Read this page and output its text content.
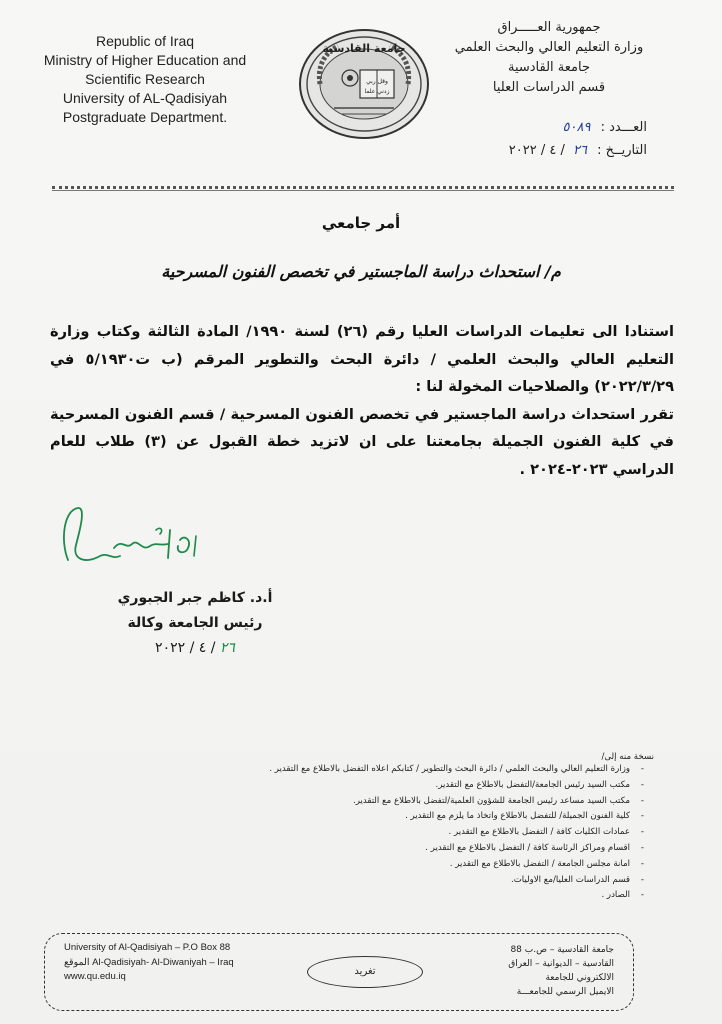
Republic of Iraq
Ministry of Higher Education and
Scientific Research
University of AL-Qadisiyah
Postgraduate Department.
جامعة القادسية
وقل ربي
زدني علما
جمهورية العـــــراق
وزارة التعليم العالي والبحث العلمي
جامعة القادسية
قسم الدراسات العليا
العـــدد : ٥٠٨٩
التاريــخ : ٢٦ / ٤ / ٢٠٢٢
أمر جامعي
م/ استحداث دراسة الماجستير في تخصص الفنون المسرحية

استنادا الى تعليمات الدراسات العليا رقم (٢٦) لسنة ١٩٩٠/ المادة الثالثة وكتاب وزارة التعليم العالي والبحث العلمي / دائرة البحث والتطوير المرقم (ب ت٥/١٩٣٠ في ٢٠٢٢/٣/٢٩) والصلاحيات المخولة لنا :

تقرر استحداث دراسة الماجستير في تخصص الفنون المسرحية / قسم الفنون المسرحية في كلية الفنون الجميلة بجامعتنا على ان لاتزيد خطة القبول عن (٣) طلاب للعام الدراسي ٢٠٢٣-٢٠٢٤ .

أ.د. كاظم جبر الجبوري
رئيس الجامعة وكالة
٢٦ / ٤ / ٢٠٢٢
نسخة منه إلى/
- وزارة التعليم العالي والبحث العلمي / دائرة البحث والتطوير / كتابكم اعلاه التفضل بالاطلاع مع التقدير .
- مكتب السيد رئيس الجامعة/التفضل بالاطلاع مع التقدير.
- مكتب السيد مساعد رئيس الجامعة للشؤون العلمية/لتفضل بالاطلاع مع التقدير.
- كلية الفنون الجميلة/ للتفضل بالاطلاع واتخاذ ما يلزم مع التقدير .
- عمادات الكليات كافة / التفضل بالاطلاع مع التقدير .
- اقسام ومراكز الرئاسة كافة / التفضل بالاطلاع مع التقدير .
- امانة مجلس الجامعة / التفضل بالاطلاع مع التقدير .
- قسم الدراسات العليا/مع الاوليات.
- الصادر .
University of Al-Qadisiyah – P.O Box 88
الموقع Al-Qadisiyah- Al-Diwaniyah – Iraq
www.qu.edu.iq	تغريد
جامعة القادسية – ص.ب 88
القادسية – الديوانية – العراق
الالكتروني للجامعة
الايميل الرسمي للجامعـــة
